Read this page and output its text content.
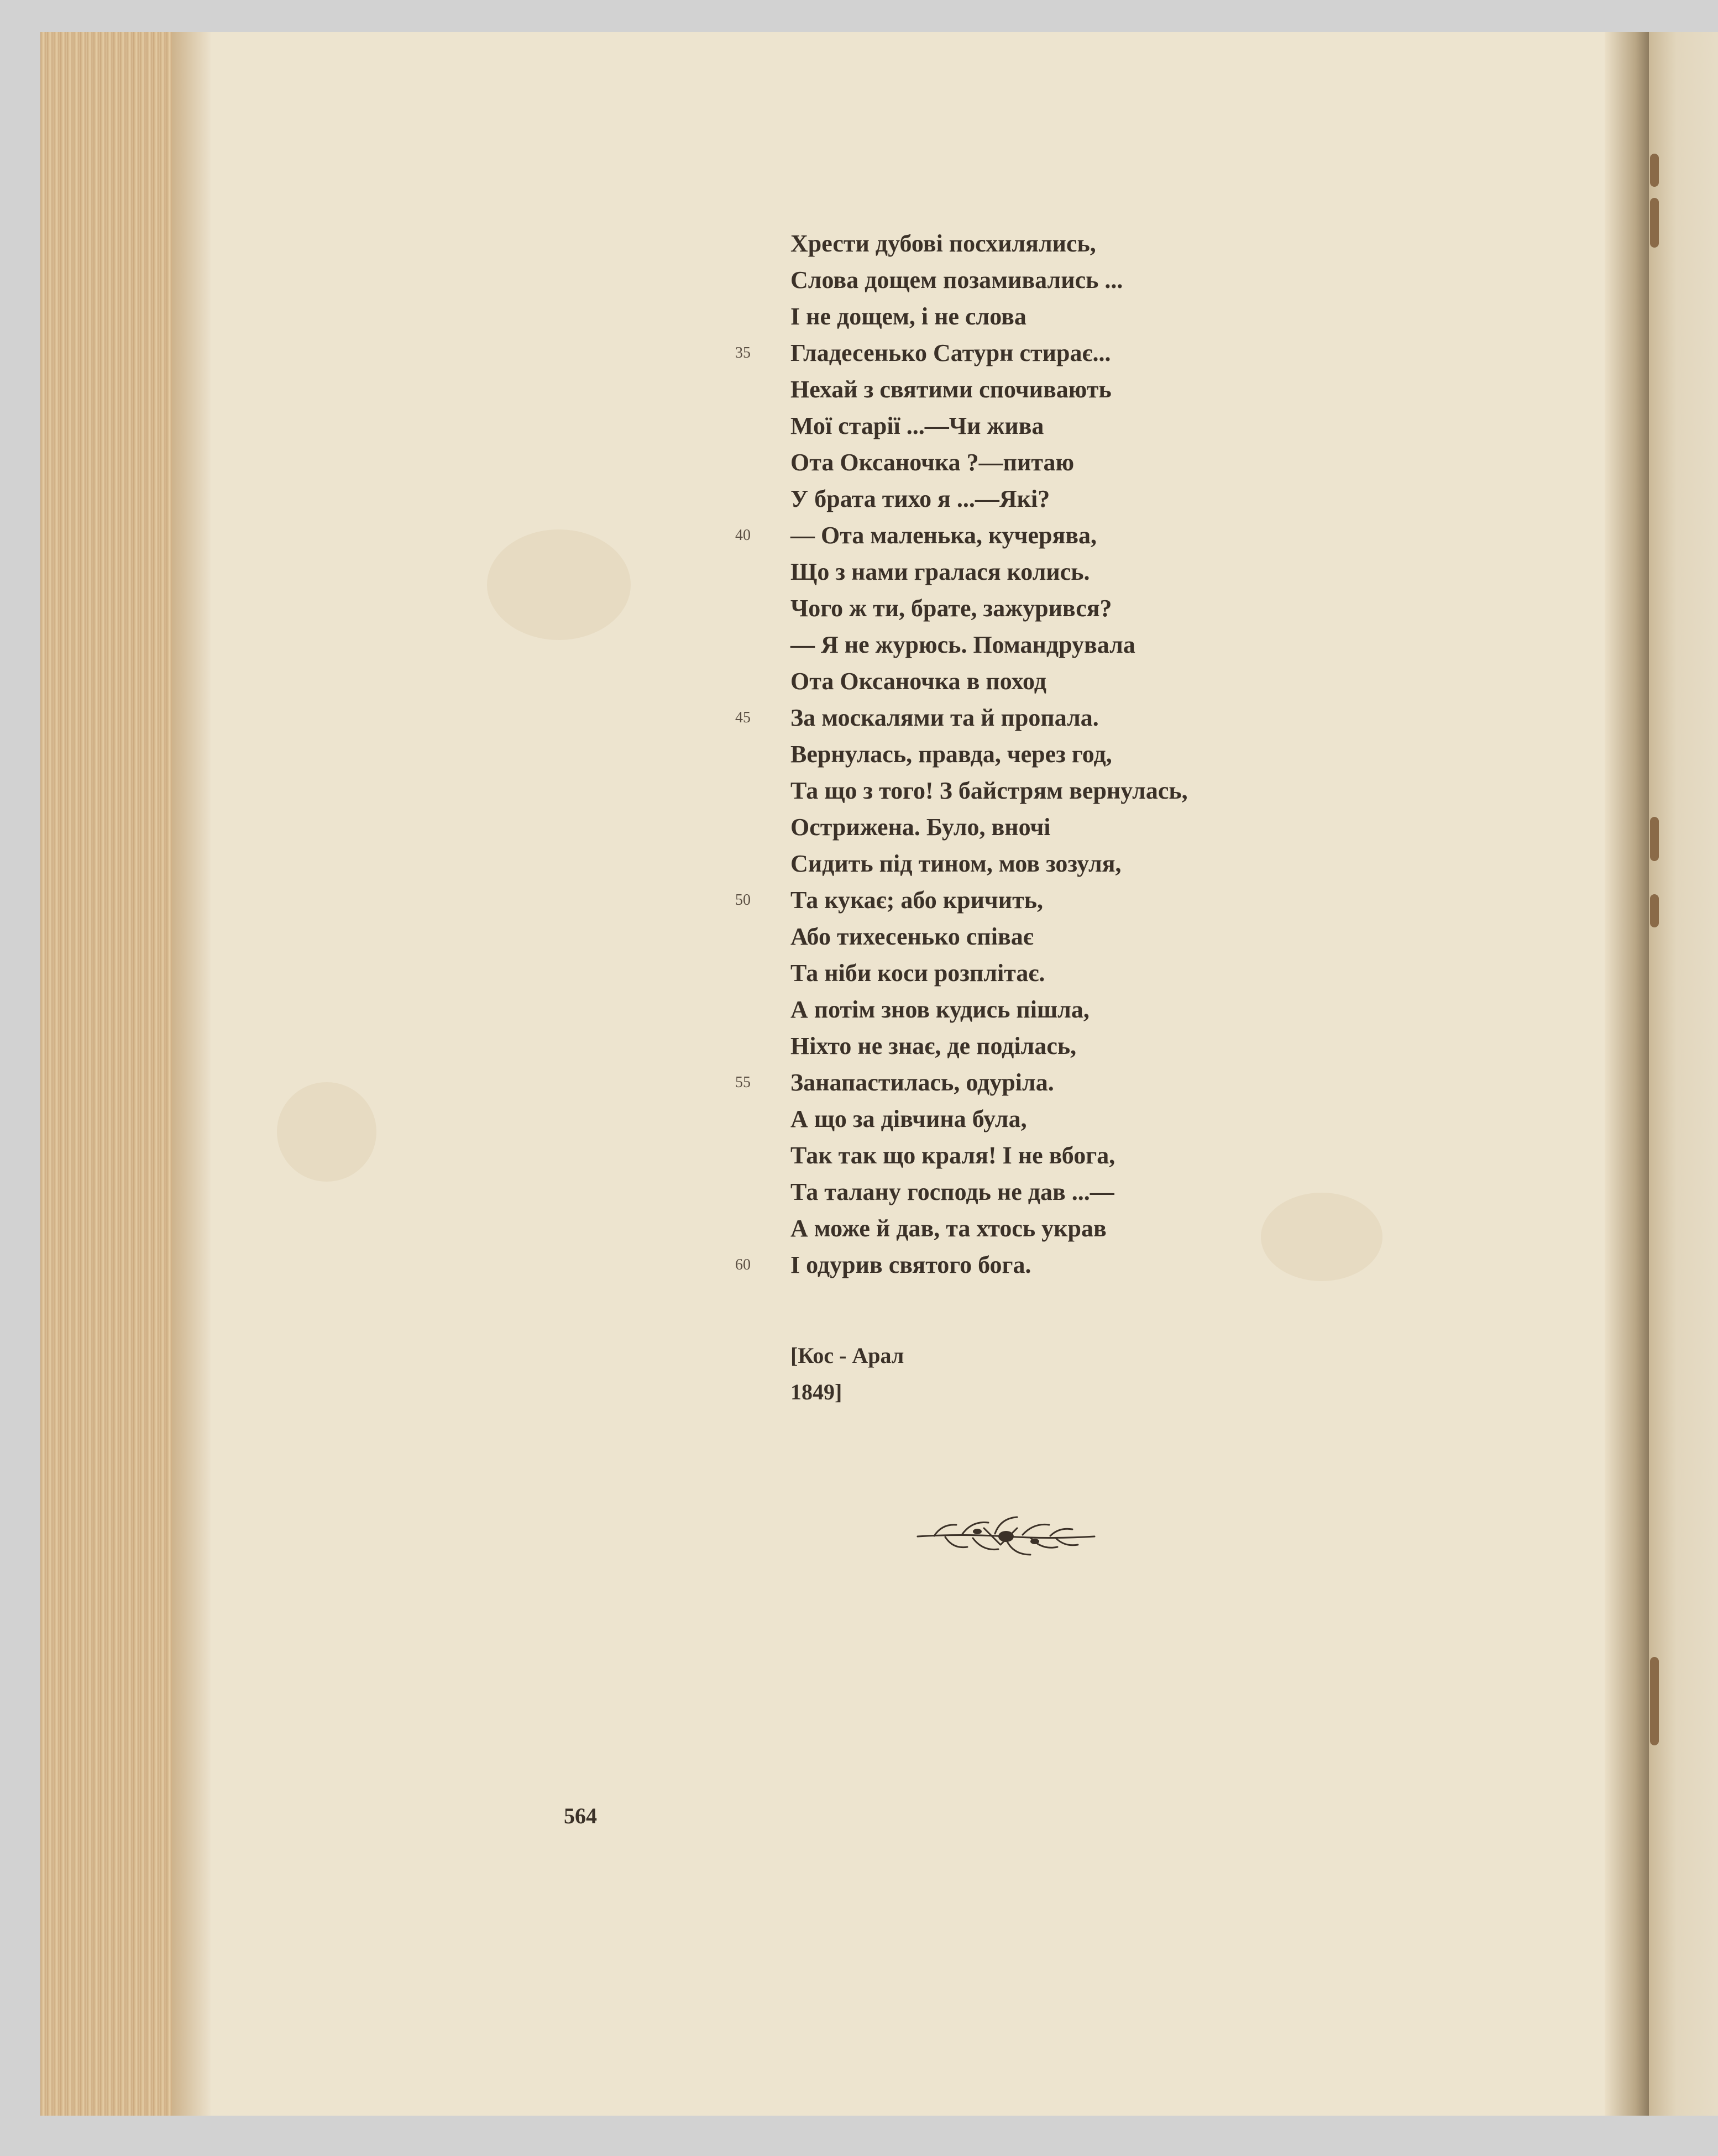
Хрести дубові посхилялись,
Слова дощем позамивались ...
І не дощем, і не слова
Гладесенько Сатурн стирає...
35
Нехай з святими спочивають
Мої старії ...—Чи жива
Ота Оксаночка ?—питаю
У брата тихо я ...—Які?
— Ота маленька, кучерява,
40
Що з нами гралася колись.
Чого ж ти, брате, зажурився?
— Я не журюсь. Помандрувала
Ота Оксаночка в поход
За москалями та й пропала.
45
Вернулась, правда, через год,
Та що з того! З байстрям вернулась,
Острижена. Було, вночі
Сидить під тином, мов зозуля,
Та кукає; або кричить,
50
Або тихесенько співає
Та ніби коси розплітає.
А потім знов кудись пішла,
Ніхто не знає, де поділась,
Занапастилась, одуріла.
55
А що за дівчина була,
Так так що краля! І не вбога,
Та талану господь не дав ...—
А може й дав, та хтось украв
І одурив святого бога.
60
[Кос - Арал
1849]
564
